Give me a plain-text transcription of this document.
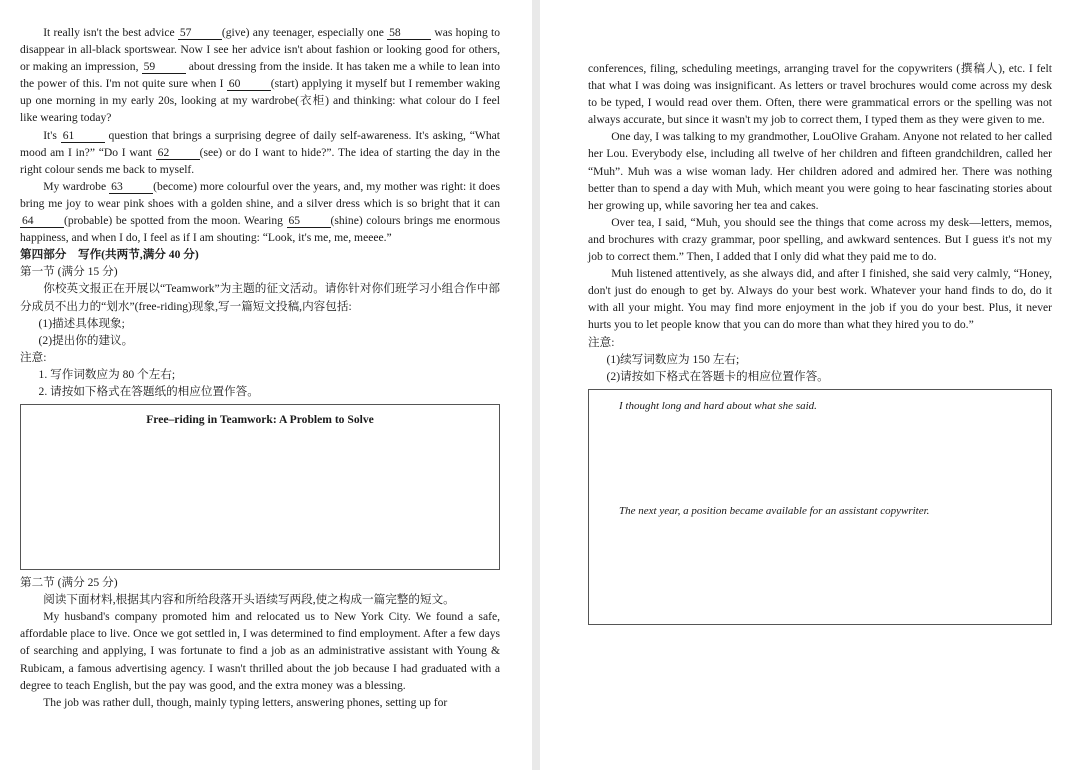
It really isn't the best advice 57	(give) any teenager, especially one 58	was hoping to disappear in all-black sportswear. Now I see her advice isn't about fashion or looking good for others, or making an impression, 59	about dressing from the inside. It has taken me a while to lean into the power of this. I'm not quite sure when I 60	(start) applying it myself but I remember waking up one morning in my early 20s, looking at my wardrobe(衣柜) and thinking: what colour do I feel like wearing today?

It's 61	question that brings a surprising degree of daily self-awareness. It's asking, “What mood am I in?” “Do I want 62	(see) or do I want to hide?”. The idea of starting the day in the right colour sends me back to myself.

My wardrobe 63	(become) more colourful over the years, and, my mother was right: it does bring me joy to wear pink shoes with a golden shine, and a silver dress which is so bright that it can 64	(probable) be spotted from the moon. Wearing 65	(shine) colours brings me enormous happiness, and when I do, I feel as if I am shouting: “Look, it's me, me, meeee.”

第四部分　写作(共两节,满分 40 分)

第一节 (满分 15 分)

你校英文报正在开展以“Teamwork”为主题的征文活动。请你针对你们班学习小组合作中部分成员不出力的“划水”(free-riding)现象,写一篇短文投稿,内容包括:

(1)描述具体现象;

(2)提出你的建议。

注意:

1. 写作词数应为 80 个左右;

2. 请按如下格式在答题纸的相应位置作答。

Free–riding in Teamwork: A Problem to Solve

第二节 (满分 25 分)

阅读下面材料,根据其内容和所给段落开头语续写两段,使之构成一篇完整的短文。

My husband's company promoted him and relocated us to New York City. We found a safe, affordable place to live. Once we got settled in, I was determined to find employment. After a few days of searching and applying, I was fortunate to find a job as an administrative assistant with Young & Rubicam, a famous advertising agency. I wasn't thrilled about the job because I had graduated with a degree to teach English, but the pay was good, and the extra money was a blessing.

The job was rather dull, though, mainly typing letters, answering phones, setting up for

conferences, filing, scheduling meetings, arranging travel for the copywriters (撰稿人), etc. I felt that what I was doing was insignificant. As letters or travel brochures would come across my desk to be typed, I would read over them. Often, there were grammatical errors or the spelling was not always accurate, but since it wasn't my job to correct them, I typed them as they were given to me.

One day, I was talking to my grandmother, LouOlive Graham. Anyone not related to her called her Lou. Everybody else, including all twelve of her children and fifteen grandchildren, called her “Muh”. Muh was a wise woman lady. Her children adored and admired her. There was nothing better than to spend a day with Muh, which meant you were going to hear fascinating stories about her growing up, while savoring her tea and cakes.

Over tea, I said, “Muh, you should see the things that come across my desk—letters, memos, and brochures with crazy grammar, poor spelling, and awkward sentences. But I guess it's not my job to correct them.” Then, I added that I only did what they paid me to do.

Muh listened attentively, as she always did, and after I finished, she said very calmly, “Honey, don't just do enough to get by. Always do your best work. Whatever your hand finds to do, do it with all your might. You may find more enjoyment in the job if you do your best. Plus, it never hurts you to let people know that you can do more than what they hired you to do.”

注意:

(1)续写词数应为 150 左右;

(2)请按如下格式在答题卡的相应位置作答。

I thought long and hard about what she said.
The next year, a position became available for an assistant copywriter.
